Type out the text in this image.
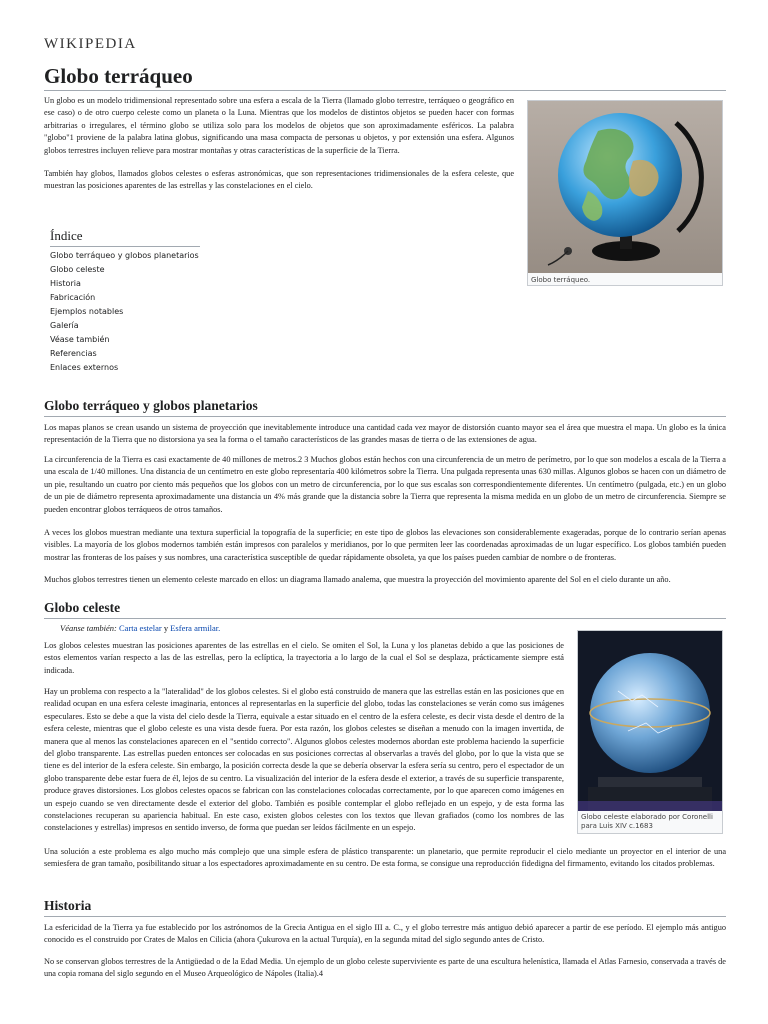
WIKIPEDIA
Globo terráqueo

Un globo es un modelo tridimensional representado sobre una esfera a escala de la Tierra (llamado globo terrestre, terráqueo o geográfico en ese caso) o de otro cuerpo celeste como un planeta o la Luna. Mientras que los modelos de distintos objetos se pueden hacer con formas arbitrarias o irregulares, el término globo se utiliza solo para los modelos de objetos que son aproximadamente esféricos. La palabra "globo"1 proviene de la palabra latina globus, significando una masa compacta de personas u objetos, y por extensión una esfera. Algunos globos terrestres incluyen relieve para mostrar montañas y otras características de la superficie de la Tierra.

También hay globos, llamados globos celestes o esferas astronómicas, que son representaciones tridimensionales de la esfera celeste, que muestran las posiciones aparentes de las estrellas y las constelaciones en el cielo.

Globo terráqueo.
Índice
Globo terráqueo y globos planetarios
Globo celeste
Historia
Fabricación
Ejemplos notables
Galería
Véase también
Referencias
Enlaces externos
Globo terráqueo y globos planetarios

Los mapas planos se crean usando un sistema de proyección que inevitablemente introduce una cantidad cada vez mayor de distorsión cuanto mayor sea el área que muestra el mapa. Un globo es la única representación de la Tierra que no distorsiona ya sea la forma o el tamaño característicos de las grandes masas de tierra o de las extensiones de agua.

La circunferencia de la Tierra es casi exactamente de 40 millones de metros.2 3 Muchos globos están hechos con una circunferencia de un metro de perímetro, por lo que son modelos a escala de la Tierra a una escala de 1/40 millones. Una distancia de un centímetro en este globo representaría 400 kilómetros sobre la Tierra. Una pulgada representa unas 630 millas. Algunos globos se hacen con un diámetro de un pie, resultando un cuatro por ciento más pequeños que los globos con un metro de circunferencia, por lo que sus escalas son correspondientemente diferentes. Un centímetro (pulgada, etc.) en un globo de un pie de diámetro representa aproximadamente una distancia un 4% más grande que la distancia sobre la Tierra que representa la misma medida en un globo de un metro de circunferencia. Siempre se pueden encontrar globos terráqueos de otros tamaños.

A veces los globos muestran mediante una textura superficial la topografía de la superficie; en este tipo de globos las elevaciones son considerablemente exageradas, porque de lo contrario serían apenas visibles. La mayoría de los globos modernos también están impresos con paralelos y meridianos, por lo que permiten leer las coordenadas aproximadas de un lugar específico. Los globos también pueden mostrar las fronteras de los países y sus nombres, una característica susceptible de quedar rápidamente obsoleta, ya que los países pueden cambiar de nombre o de fronteras.

Muchos globos terrestres tienen un elemento celeste marcado en ellos: un diagrama llamado analema, que muestra la proyección del movimiento aparente del Sol en el cielo durante un año.

Globo celeste
Véanse también: Carta estelar y Esfera armilar.

Los globos celestes muestran las posiciones aparentes de las estrellas en el cielo. Se omiten el Sol, la Luna y los planetas debido a que las posiciones de estos elementos varían respecto a las de las estrellas, pero la eclíptica, la trayectoria a lo largo de la cual el Sol se desplaza, prácticamente siempre está indicada.

Hay un problema con respecto a la "lateralidad" de los globos celestes. Si el globo está construido de manera que las estrellas están en las posiciones que en realidad ocupan en una esfera celeste imaginaria, entonces al representarlas en la superficie del globo, todas las constelaciones se verán como sus imágenes especulares. Esto se debe a que la vista del cielo desde la Tierra, equivale a estar situado en el centro de la esfera celeste, es decir vista desde el dentro de la esfera celeste, mientras que el globo celeste es una vista desde fuera. Por esta razón, los globos celestes se diseñan a menudo con la imagen invertida, de manera que al menos las constelaciones aparecen en el "sentido correcto". Algunos globos celestes modernos abordan este problema haciendo la superficie del globo transparente. Las estrellas pueden entonces ser colocadas en sus posiciones correctas al observarlas a través del globo, por lo que la vista que se tiene es del interior de la esfera celeste. Sin embargo, la posición correcta desde la que se debería observar la esfera sería su centro, pero el espectador de un globo transparente debe estar fuera de él, lejos de su centro. La visualización del interior de la esfera desde el exterior, a través de su superficie transparente, produce graves distorsiones. Los globos celestes opacos se fabrican con las constelaciones colocadas correctamente, por lo que aparecen como imágenes en un espejo cuando se ven directamente desde el exterior del globo. También es posible contemplar el globo reflejado en un espejo, y de esta forma las constelaciones recuperan su apariencia habitual. En este caso, existen globos celestes con los textos que llevan grafiados (como los nombres de las constelaciones y estrellas) impresos en sentido inverso, de forma que puedan ser leídos fácilmente en un espejo.

Una solución a este problema es algo mucho más complejo que una simple esfera de plástico transparente: un planetario, que permite reproducir el cielo mediante un proyector en el interior de una semiesfera de gran tamaño, posibilitando situar a los espectadores aproximadamente en su centro. De esta forma, se consigue una reproducción fidedigna del firmamento, evitando los citados problemas.

Globo celeste elaborado por Coronelli para Luis XIV c.1683
Historia

La esfericidad de la Tierra ya fue establecido por los astrónomos de la Grecia Antigua en el siglo III a. C., y el globo terrestre más antiguo debió aparecer a partir de ese período. El ejemplo más antiguo conocido es el construido por Crates de Malos en Cilicia (ahora Çukurova en la actual Turquía), en la segunda mitad del siglo segundo antes de Cristo.

No se conservan globos terrestres de la Antigüedad o de la Edad Media. Un ejemplo de un globo celeste superviviente es parte de una escultura helenística, llamada el Atlas Farnesio, conservada a través de una copia romana del siglo segundo en el Museo Arqueológico de Nápoles (Italia).4
